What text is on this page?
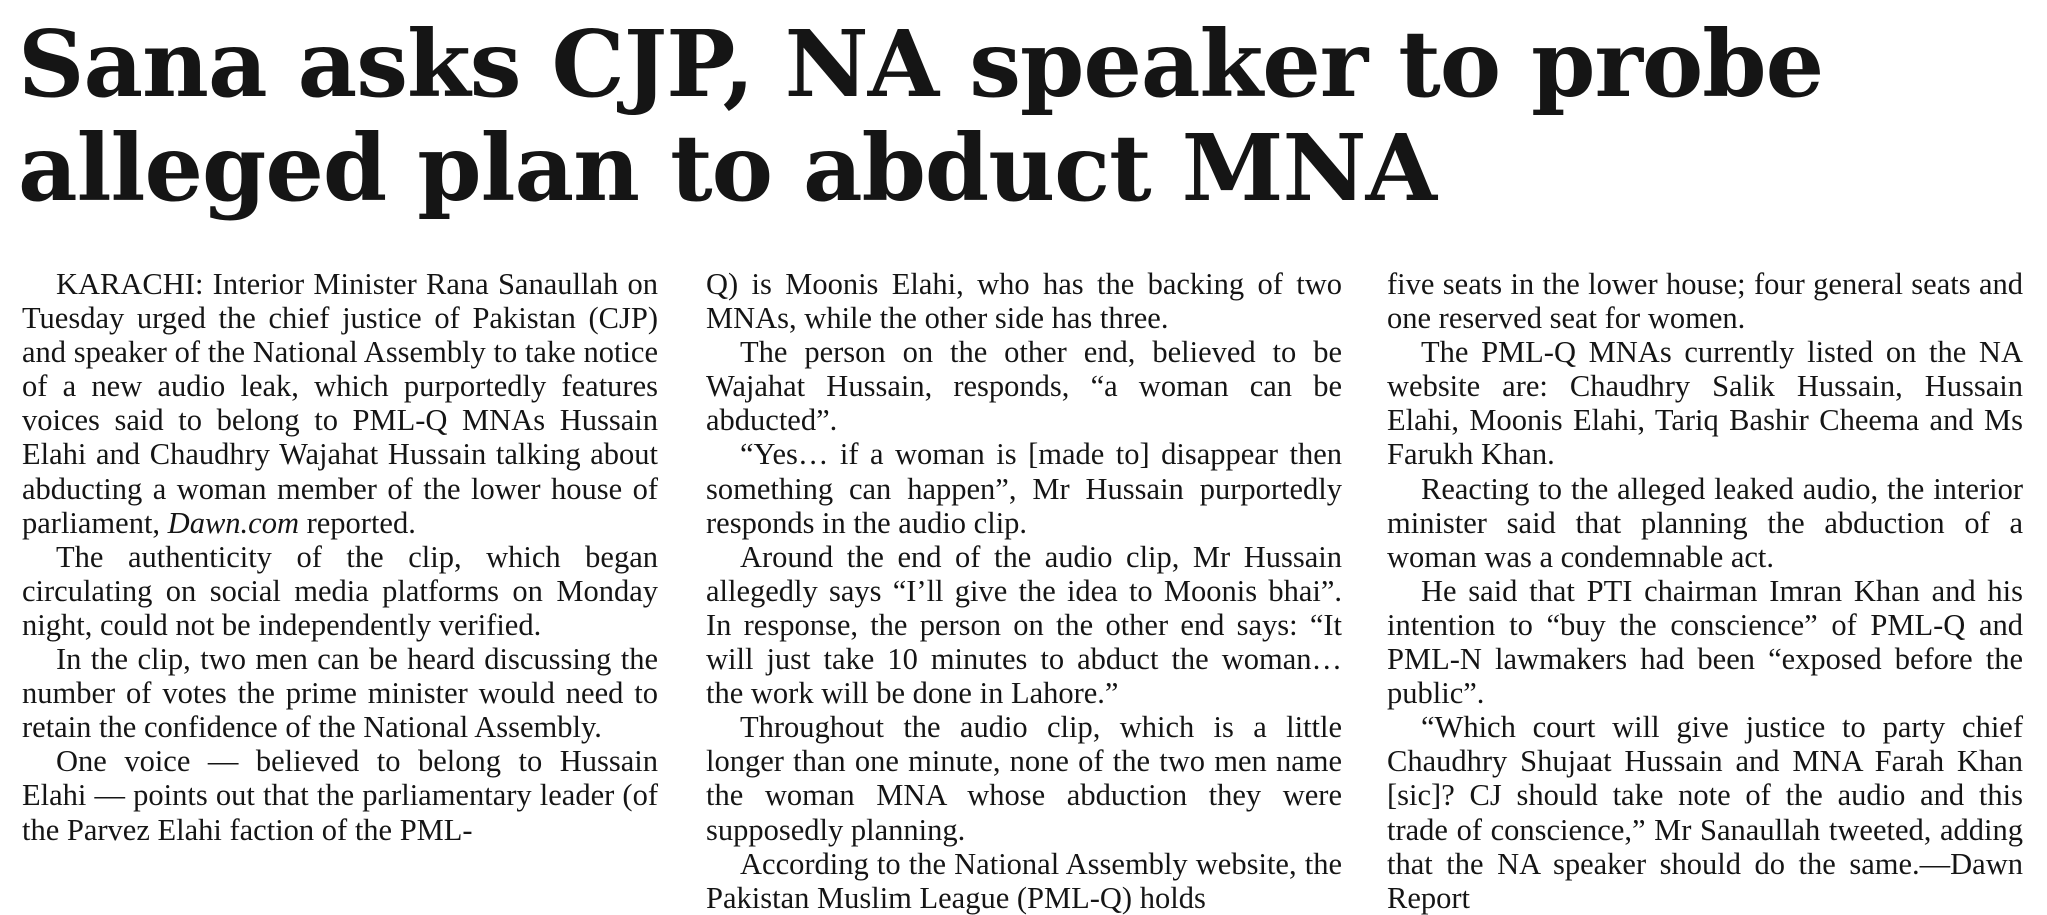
Sana asks CJP, NA speaker to probe
alleged plan to abduct MNA

KARACHI: Interior Minister Rana Sanaullah on Tuesday urged the chief justice of Pakistan (CJP) and speaker of the National Assembly to take notice of a new audio leak, which purportedly features voices said to belong to PML-Q MNAs Hussain Elahi and Chaudhry Wajahat Hussain talking about abducting a woman member of the lower house of parliament, Dawn.com reported.

The authenticity of the clip, which began circulating on social media platforms on Monday night, could not be independently verified.

In the clip, two men can be heard discussing the number of votes the prime minister would need to retain the confidence of the National Assembly.

One voice — believed to belong to Hussain Elahi — points out that the parliamentary leader (of the Parvez Elahi faction of the PML-

Q) is Moonis Elahi, who has the backing of two MNAs, while the other side has three.

The person on the other end, believed to be Wajahat Hussain, responds, “a woman can be abducted”.

“Yes… if a woman is [made to] disappear then something can happen”, Mr Hussain purportedly responds in the audio clip.

Around the end of the audio clip, Mr Hussain allegedly says “I’ll give the idea to Moonis bhai”. In response, the person on the other end says: “It will just take 10 minutes to abduct the woman… the work will be done in Lahore.”

Throughout the audio clip, which is a little longer than one minute, none of the two men name the woman MNA whose abduction they were supposedly planning.

According to the National Assembly website, the Pakistan Muslim League (PML-Q) holds

five seats in the lower house; four general seats and one reserved seat for women.

The PML-Q MNAs currently listed on the NA website are: Chaudhry Salik Hussain, Hussain Elahi, Moonis Elahi, Tariq Bashir Cheema and Ms Farukh Khan.

Reacting to the alleged leaked audio, the interior minister said that planning the abduction of a woman was a condemnable act.

He said that PTI chairman Imran Khan and his intention to “buy the conscience” of PML-Q and PML-N lawmakers had been “exposed before the public”.

“Which court will give justice to party chief Chaudhry Shujaat Hussain and MNA Farah Khan [sic]? CJ should take note of the audio and this trade of conscience,” Mr Sanaullah tweeted, adding that the NA speaker should do the same.—Dawn Report
